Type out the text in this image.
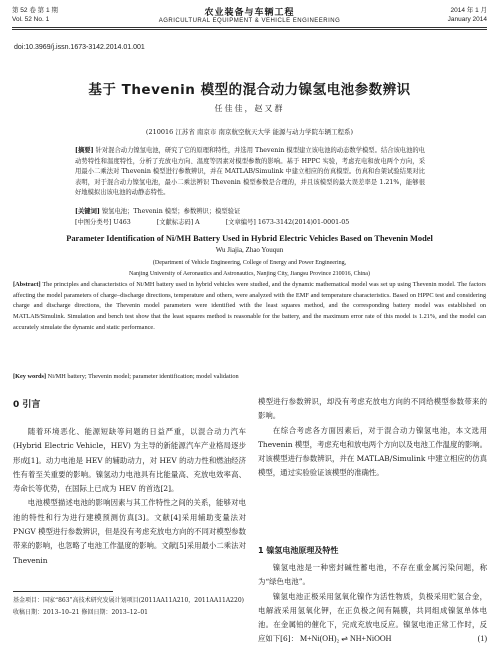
第 52 卷 第 1 期
Vol. 52 No. 1
农业装备与车辆工程
AGRICULTURAL EQUIPMENT & VEHICLE ENGINEERING
2014 年 1 月
January 2014
doi:10.3969/j.issn.1673-3142.2014.01.001
基于 Thevenin 模型的混合动力镍氢电池参数辨识
任佳佳，赵又群
(210016 江苏省 南京市 南京航空航天大学 能源与动力学院车辆工程系)
[摘要] 针对混合动力镍氢电池，研究了它的原理和特性，并选用 Thevenin 模型建立该电池的动态数学模型。结合该电池的电动势特性和温度特性，分析了充放电方向、温度等因素对模型参数的影响。基于 HPPC 实验，考虑充电和放电两个方向，采用最小二乘法对 Thevenin 模型进行参数辨识，并在 MATLAB/Simulink 中建立相应的仿真模型。仿真和台架试验结果对比表明，对于混合动力镍氢电池，最小二乘法辨识 Thevenin 模型参数是合理的，并且该模型的最大误差率是 1.21%，能够很好地模拟出该电池的动静态特性。
[关键词] 镍氢电池；Thevenin 模型；参数辨识；模型验证
[中图分类号] U463	[文献标志码] A	[文章编号] 1673-3142(2014)01-0001-05
Parameter Identification of Ni/MH Battery Used in Hybrid Electric Vehicles Based on Thevenin Model
Wu Jiajia, Zhao Youqun
(Department of Vehicle Engineering, College of Energy and Power Engineering,
Nanjing University of Aeronautics and Astronautics, Nanjing City, Jiangsu Province 210016, China)
[Abstract] The principles and characteristics of Ni/MH battery used in hybrid vehicles were studied, and the dynamic mathematical model was set up using Thevenin model. The factors affecting the model parameters of charge–discharge directions, temperature and others, were analyzed with the EMF and temperature characteristics. Based on HPPC test and considering charge and discharge directions, the Thevenin model parameters were identified with the least squares method, and the corresponding battery model was established on MATLAB/Simulink. Simulation and bench test show that the least squares method is reasonable for the battery, and the maximum error rate of this model is 1.21%, and the model can accurately simulate the dynamic and static performance.
[Key words] Ni/MH battery; Thevenin model; parameter identification; model validation
0 引言

随着环境恶化、能源短缺等问题的日益严重，以混合动力汽车 (Hybrid Electric Vehicle，HEV) 为主导的新能源汽车产业格局逐步形成[1]。动力电池是 HEV 的辅助动力，对 HEV 的动力性和燃油经济性有着至关重要的影响。镍氢动力电池具有比能量高、充放电效率高、寿命长等优势，在国际上已成为 HEV 的首选[2]。

电池模型描述电池的影响因素与其工作特性之间的关系，能够对电池的特性和行为进行建模预测仿真[3]。文献[4]采用辅助变量法对 PNGV 模型进行参数辨识，但是没有考虑充放电方向的不同对模型参数带来的影响，也忽略了电池工作温度的影响。文献[5]采用最小二乘法对 Thevenin

模型进行参数辨识，却没有考虑充放电方向的不同给模型参数带来的影响。

在综合考虑各方面因素后，对于混合动力镍氢电池，本文选用 Thevenin 模型，考虑充电和放电两个方向以及电池工作温度的影响。对该模型进行参数辨识，并在 MATLAB/Simulink 中建立相应的仿真模型，通过实验验证该模型的准确性。

1 镍氢电池原理及特性

镍氢电池是一种密封碱性蓄电池，不存在重金属污染问题，称为“绿色电池”。

镍氢电池正极采用氢氧化镍作为活性物质，负极采用贮氢合金，电解液采用氢氧化钾，在正负极之间有隔膜，共同组成镍氢单体电池。在金属铂的催化下，完成充放电反应。镍氢电池正常工作时，反应如下[6]： M+Ni(OH)₂ ⇌ NH+NiOOH	(1)
基金项目：国家“863”高技术研究发展计划项目(2011AA11A210，2011AA11A220)
收稿日期：2013–10–21 修回日期：2013–12–01
